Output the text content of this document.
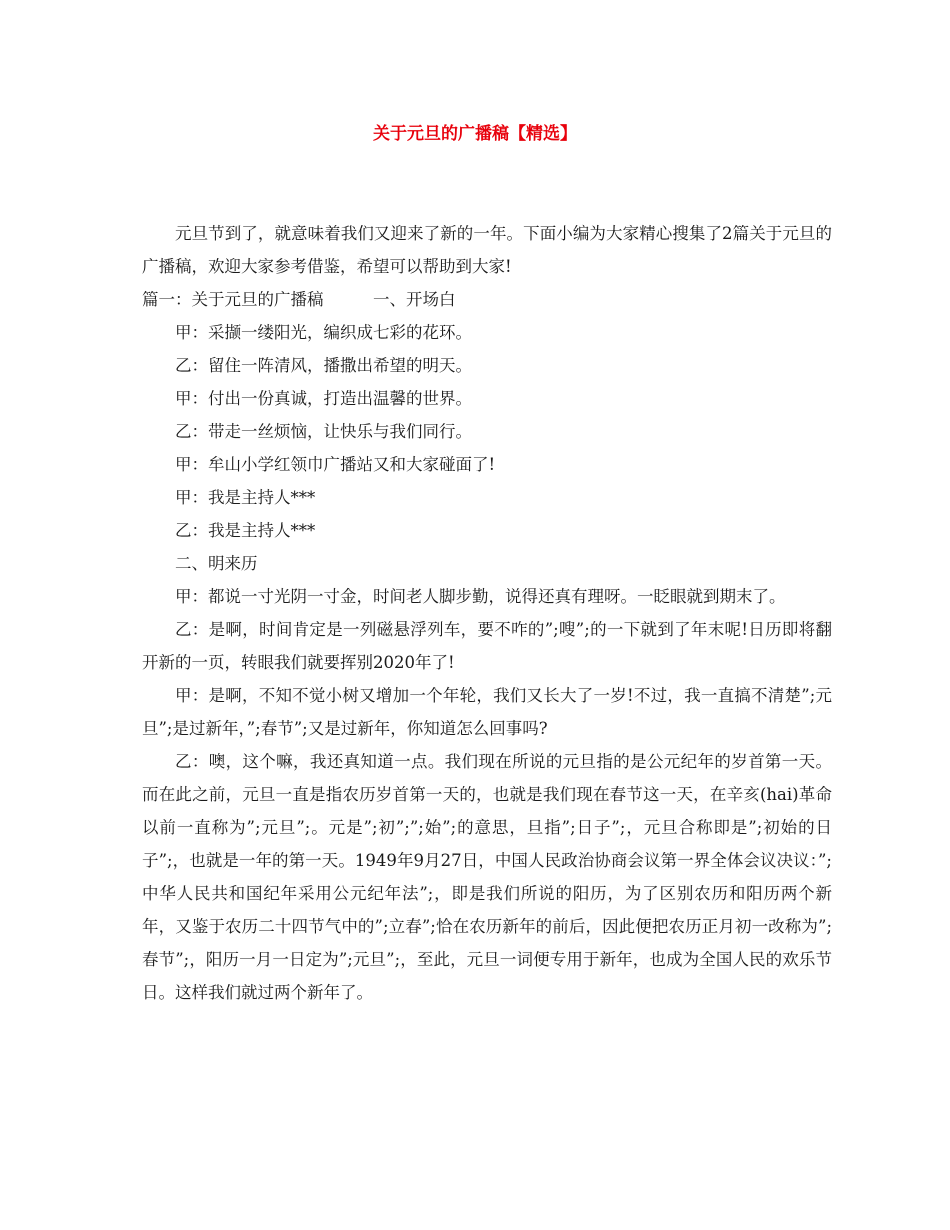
关于元旦的广播稿【精选】

元旦节到了，就意味着我们又迎来了新的一年。下面小编为大家精心搜集了2篇关于元旦的广播稿，欢迎大家参考借鉴，希望可以帮助到大家!

篇一：关于元旦的广播稿	一、开场白

甲：采撷一缕阳光，编织成七彩的花环。

乙：留住一阵清风，播撒出希望的明天。

甲：付出一份真诚，打造出温馨的世界。

乙：带走一丝烦恼，让快乐与我们同行。

甲：牟山小学红领巾广播站又和大家碰面了!

甲：我是主持人***

乙：我是主持人***

二、明来历

甲：都说一寸光阴一寸金，时间老人脚步勤，说得还真有理呀。一眨眼就到期末了。

乙：是啊，时间肯定是一列磁悬浮列车，要不咋的”;嗖”;的一下就到了年末呢!日历即将翻开新的一页，转眼我们就要挥别2020年了!

甲：是啊，不知不觉小树又增加一个年轮，我们又长大了一岁!不过，我一直搞不清楚”;元旦”;是过新年，”;春节”;又是过新年，你知道怎么回事吗?

乙：噢，这个嘛，我还真知道一点。我们现在所说的元旦指的是公元纪年的岁首第一天。而在此之前，元旦一直是指农历岁首第一天的，也就是我们现在春节这一天，在辛亥(hai)革命以前一直称为”;元旦”;。元是”;初”;”;始”;的意思，旦指”;日子”;，元旦合称即是”;初始的日子”;，也就是一年的第一天。1949年9月27日，中国人民政治协商会议第一界全体会议决议：”;中华人民共和国纪年采用公元纪年法”;，即是我们所说的阳历，为了区别农历和阳历两个新年，又鉴于农历二十四节气中的”;立春”;恰在农历新年的前后，因此便把农历正月初一改称为”;春节”;，阳历一月一日定为”;元旦”;，至此，元旦一词便专用于新年，也成为全国人民的欢乐节日。这样我们就过两个新年了。
